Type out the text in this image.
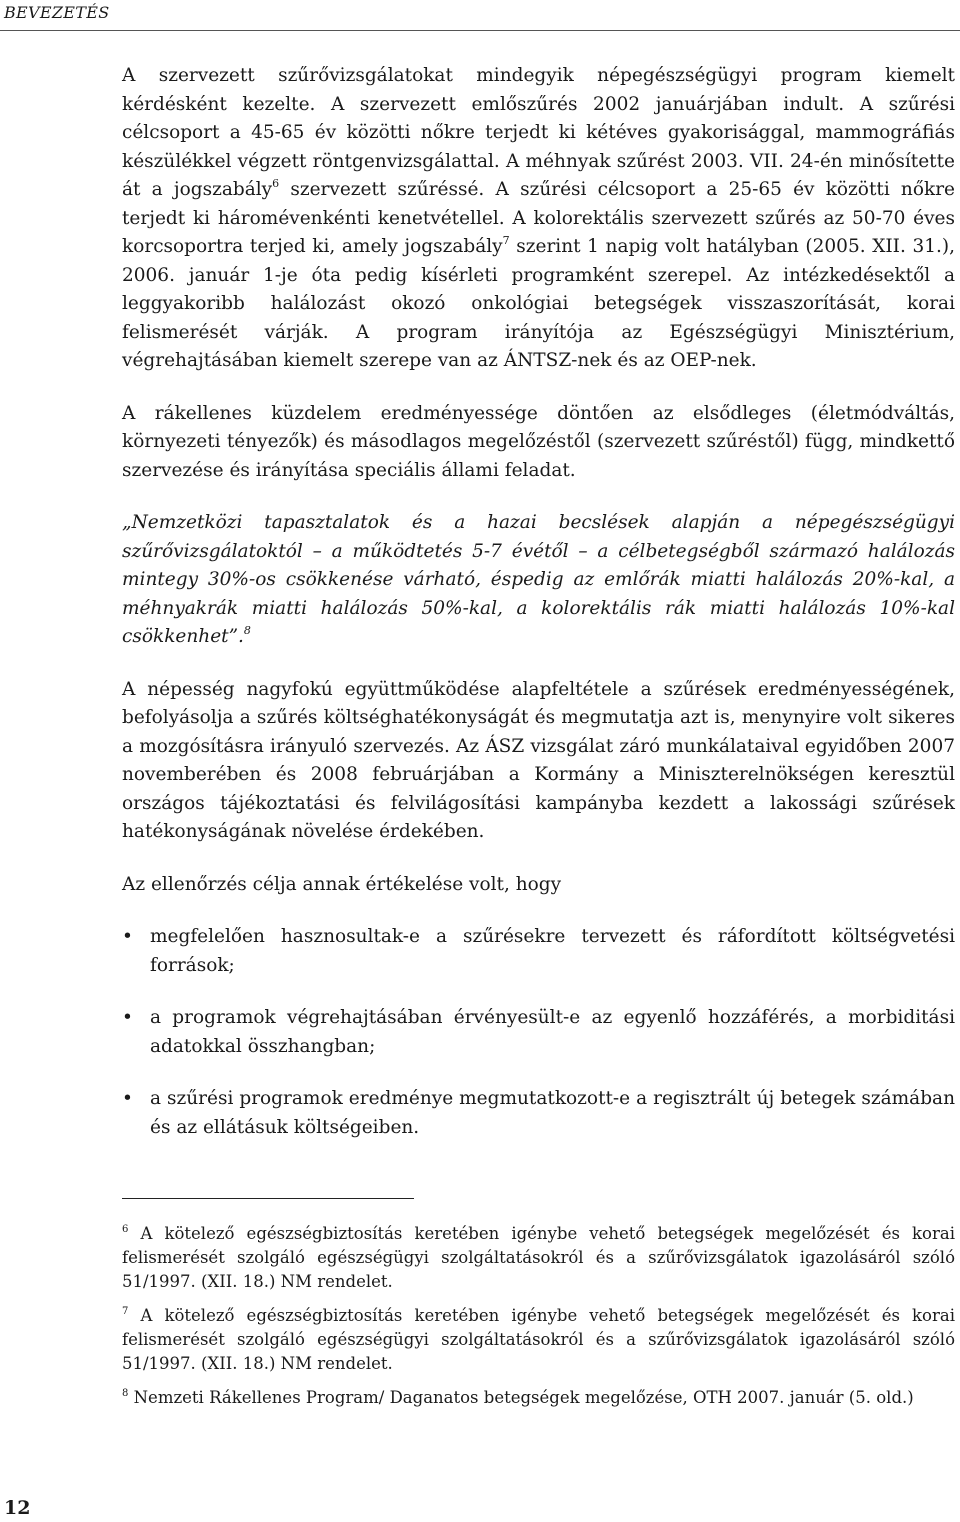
BEVEZETÉS

A szervezett szűrővizsgálatokat mindegyik népegészségügyi program kiemelt kérdésként kezelte. A szervezett emlőszűrés 2002 januárjában indult. A szűrési célcsoport a 45-65 év közötti nőkre terjedt ki kétéves gyakorisággal, mammográfiás készülékkel végzett röntgenvizsgálattal. A méhnyak szűrést 2003. VII. 24-én minősítette át a jogszabály$^6$ szervezett szűréssé. A szűrési célcsoport a 25-65 év közötti nőkre terjedt ki háromévenkénti kenetvétellel. A kolorektális szervezett szűrés az 50-70 éves korcsoportra terjed ki, amely jogszabály$^7$ szerint 1 napig volt hatályban (2005. XII. 31.), 2006. január 1-je óta pedig kísérleti programként szerepel. Az intézkedésektől a leggyakoribb halálozást okozó onkológiai betegségek visszaszorítását, korai felismerését várják. A program irányítója az Egészségügyi Minisztérium, végrehajtásában kiemelt szerepe van az ÁNTSZ-nek és az OEP-nek.

A rákellenes küzdelem eredményessége döntően az elsődleges (életmódváltás, környezeti tényezők) és másodlagos megelőzéstől (szervezett szűréstől) függ, mindkettő szervezése és irányítása speciális állami feladat.

„Nemzetközi tapasztalatok és a hazai becslések alapján a népegészségügyi szűrővizsgálatoktól – a működtetés 5-7 évétől – a célbetegségből származó halálozás mintegy 30%-os csökkenése várható, éspedig az emlőrák miatti halálozás 20%-kal, a méhnyakrák miatti halálozás 50%-kal, a kolorektális rák miatti halálozás 10%-kal csökkenhet”.$^8$

A népesség nagyfokú együttműködése alapfeltétele a szűrések eredményességének, befolyásolja a szűrés költséghatékonyságát és megmutatja azt is, menynyire volt sikeres a mozgósításra irányuló szervezés. Az ÁSZ vizsgálat záró munkálataival egyidőben 2007 novemberében és 2008 februárjában a Kormány a Miniszterelnökségen keresztül országos tájékoztatási és felvilágosítási kampányba kezdett a lakossági szűrések hatékonyságának növelése érdekében.

Az ellenőrzés célja annak értékelése volt, hogy

• megfelelően hasznosultak-e a szűrésekre tervezett és ráfordított költségvetési források;
• a programok végrehajtásában érvényesült-e az egyenlő hozzáférés, a morbiditási adatokkal összhangban;
• a szűrési programok eredménye megmutatkozott-e a regisztrált új betegek számában és az ellátásuk költségeiben.

$^6$ A kötelező egészségbiztosítás keretében igénybe vehető betegségek megelőzését és korai felismerését szolgáló egészségügyi szolgáltatásokról és a szűrővizsgálatok igazolásáról szóló 51/1997. (XII. 18.) NM rendelet.

$^7$ A kötelező egészségbiztosítás keretében igénybe vehető betegségek megelőzését és korai felismerését szolgáló egészségügyi szolgáltatásokról és a szűrővizsgálatok igazolásáról szóló 51/1997. (XII. 18.) NM rendelet.

$^8$ Nemzeti Rákellenes Program/ Daganatos betegségek megelőzése, OTH 2007. január (5. old.)

12
